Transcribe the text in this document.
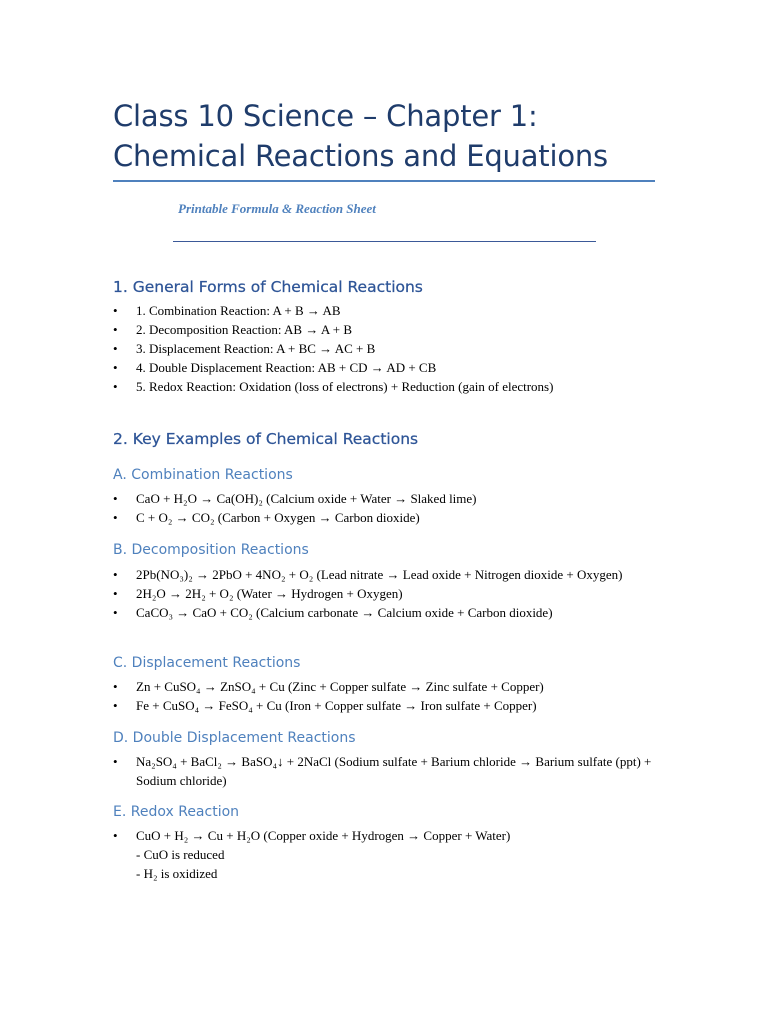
Class 10 Science – Chapter 1: Chemical Reactions and Equations
Printable Formula & Reaction Sheet
1. General Forms of Chemical Reactions
• 1. Combination Reaction: A + B → AB
• 2. Decomposition Reaction: AB → A + B
• 3. Displacement Reaction: A + BC → AC + B
• 4. Double Displacement Reaction: AB + CD → AD + CB
• 5. Redox Reaction: Oxidation (loss of electrons) + Reduction (gain of electrons)
2. Key Examples of Chemical Reactions
A. Combination Reactions
• CaO + H₂O → Ca(OH)₂ (Calcium oxide + Water → Slaked lime)
• C + O₂ → CO₂ (Carbon + Oxygen → Carbon dioxide)
B. Decomposition Reactions
• 2Pb(NO₃)₂ → 2PbO + 4NO₂ + O₂ (Lead nitrate → Lead oxide + Nitrogen dioxide + Oxygen)
• 2H₂O → 2H₂ + O₂ (Water → Hydrogen + Oxygen)
• CaCO₃ → CaO + CO₂ (Calcium carbonate → Calcium oxide + Carbon dioxide)
C. Displacement Reactions
• Zn + CuSO₄ → ZnSO₄ + Cu (Zinc + Copper sulfate → Zinc sulfate + Copper)
• Fe + CuSO₄ → FeSO₄ + Cu (Iron + Copper sulfate → Iron sulfate + Copper)
D. Double Displacement Reactions
• Na₂SO₄ + BaCl₂ → BaSO₄↓ + 2NaCl (Sodium sulfate + Barium chloride → Barium sulfate (ppt) + Sodium chloride)
E. Redox Reaction
• CuO + H₂ → Cu + H₂O (Copper oxide + Hydrogen → Copper + Water)
- CuO is reduced
- H₂ is oxidized
